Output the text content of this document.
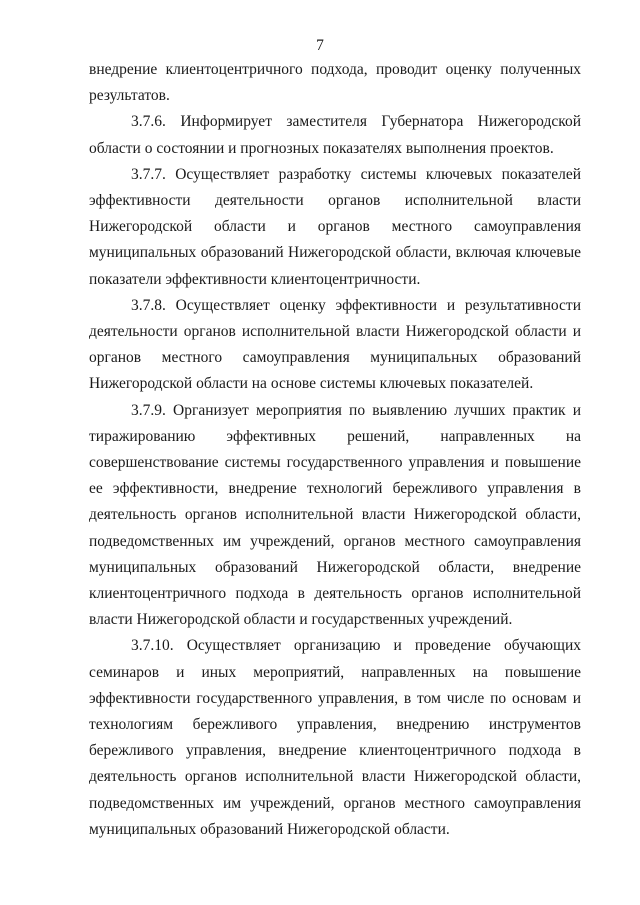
7

внедрение клиентоцентричного подхода, проводит оценку полученных результатов.

3.7.6. Информирует заместителя Губернатора Нижегородской области о состоянии и прогнозных показателях выполнения проектов.

3.7.7. Осуществляет разработку системы ключевых показателей эффективности деятельности органов исполнительной власти Нижегородской области и органов местного самоуправления муниципальных образований Нижегородской области, включая ключевые показатели эффективности клиентоцентричности.

3.7.8. Осуществляет оценку эффективности и результативности деятельности органов исполнительной власти Нижегородской области и органов местного самоуправления муниципальных образований Нижегородской области на основе системы ключевых показателей.

3.7.9. Организует мероприятия по выявлению лучших практик и тиражированию эффективных решений, направленных на совершенствование системы государственного управления и повышение ее эффективности, внедрение технологий бережливого управления в деятельность органов исполнительной власти Нижегородской области, подведомственных им учреждений, органов местного самоуправления муниципальных образований Нижегородской области, внедрение клиентоцентричного подхода в деятельность органов исполнительной власти Нижегородской области и государственных учреждений.

3.7.10. Осуществляет организацию и проведение обучающих семинаров и иных мероприятий, направленных на повышение эффективности государственного управления, в том числе по основам и технологиям бережливого управления, внедрению инструментов бережливого управления, внедрение клиентоцентричного подхода в деятельность органов исполнительной власти Нижегородской области, подведомственных им учреждений, органов местного самоуправления муниципальных образований Нижегородской области.
